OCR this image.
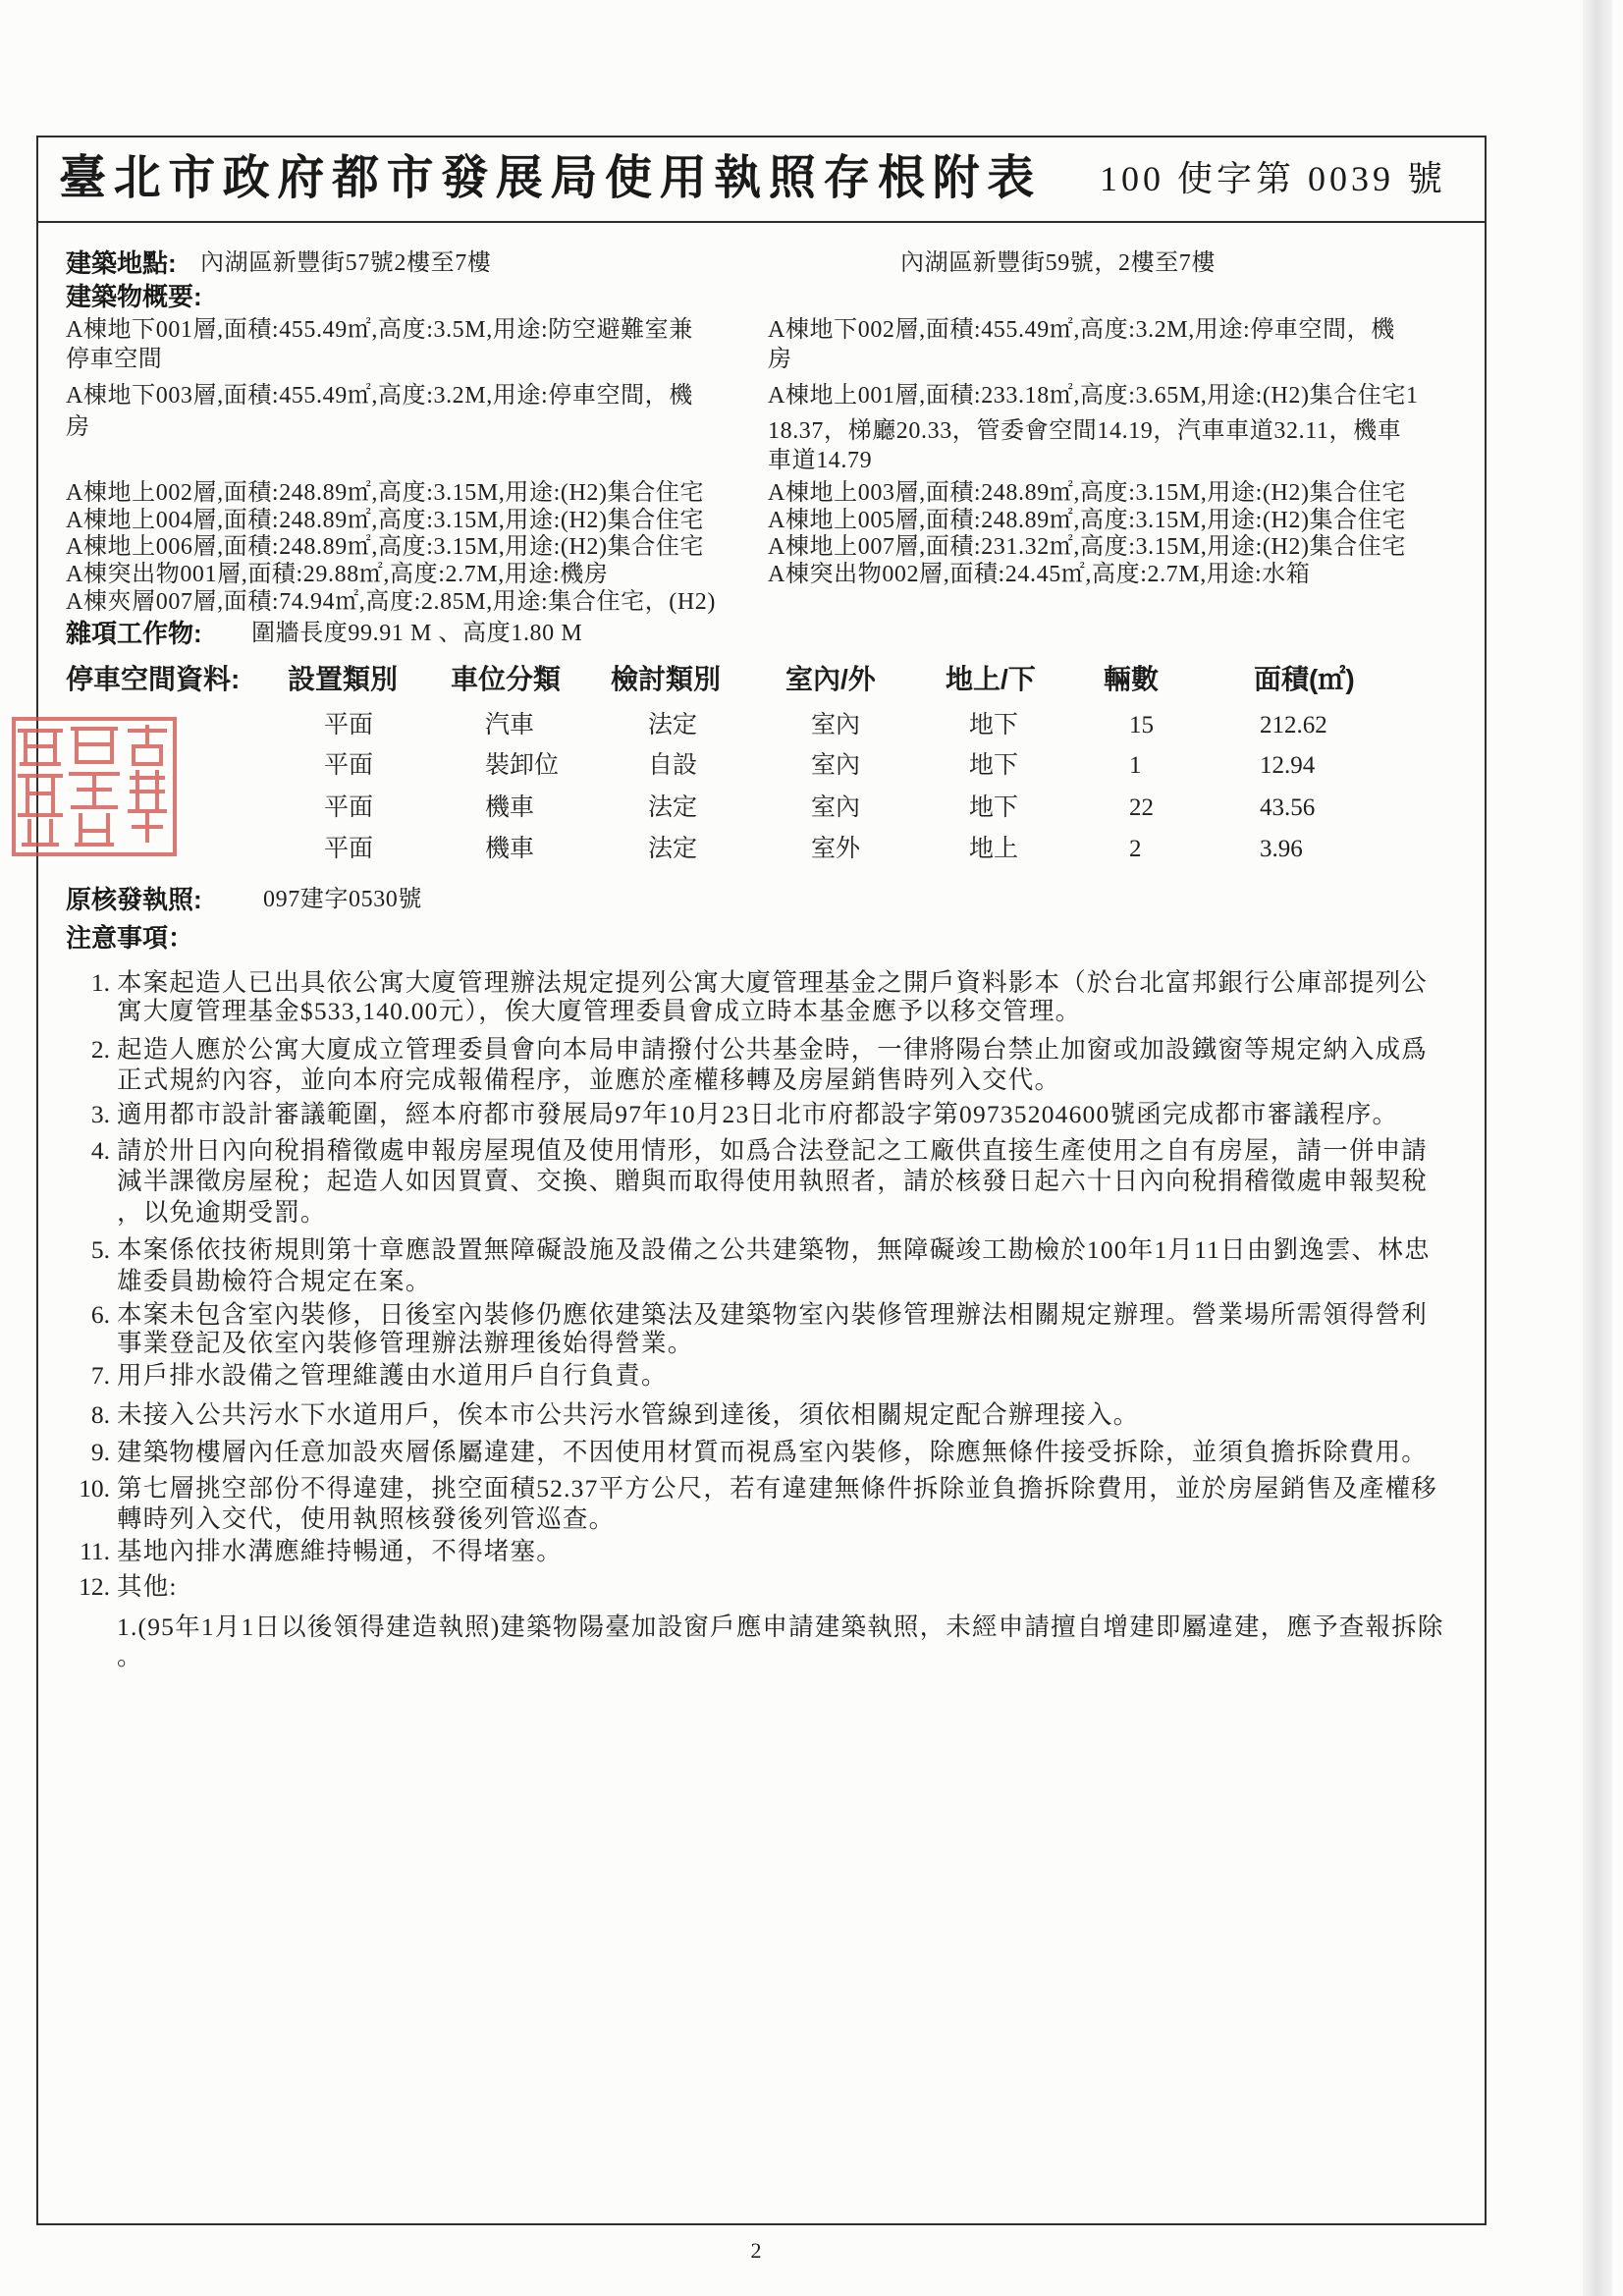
臺北市政府都市發展局使用執照存根附表 100 使字第 0039 號
建築地點: 內湖區新豐街57號2樓至7樓	內湖區新豐街59號，2樓至7樓
建築物概要:
A棟地下001層,面積:455.49㎡,高度:3.5M,用途:防空避難室兼
停車空間
A棟地下003層,面積:455.49㎡,高度:3.2M,用途:停車空間，機
房
A棟地上002層,面積:248.89㎡,高度:3.15M,用途:(H2)集合住宅
A棟地上004層,面積:248.89㎡,高度:3.15M,用途:(H2)集合住宅
A棟地上006層,面積:248.89㎡,高度:3.15M,用途:(H2)集合住宅
A棟突出物001層,面積:29.88㎡,高度:2.7M,用途:機房
A棟夾層007層,面積:74.94㎡,高度:2.85M,用途:集合住宅，(H2)
A棟地下002層,面積:455.49㎡,高度:3.2M,用途:停車空間，機
房
A棟地上001層,面積:233.18㎡,高度:3.65M,用途:(H2)集合住宅1
18.37，梯廳20.33，管委會空間14.19，汽車車道32.11，機車
車道14.79
A棟地上003層,面積:248.89㎡,高度:3.15M,用途:(H2)集合住宅
A棟地上005層,面積:248.89㎡,高度:3.15M,用途:(H2)集合住宅
A棟地上007層,面積:231.32㎡,高度:3.15M,用途:(H2)集合住宅
A棟突出物002層,面積:24.45㎡,高度:2.7M,用途:水箱
雜項工作物: 圍牆長度99.91 M 、高度1.80 M
停車空間資料: 設置類別 車位分類 檢討類別 室內/外	地上/下 輛數	面積(㎡)
平面	汽車	法定	室內	地下	15	212.62
平面	裝卸位	自設	室內	地下	1	12.94
平面	機車	法定	室內	地下	22	43.56
平面	機車	法定	室外	地上	2	3.96
原核發執照:	097建字0530號
注意事項：
1. 本案起造人已出具依公寓大廈管理辦法規定提列公寓大廈管理基金之開戶資料影本（於台北富邦銀行公庫部提列公
寓大廈管理基金$533,140.00元），俟大廈管理委員會成立時本基金應予以移交管理。
2. 起造人應於公寓大廈成立管理委員會向本局申請撥付公共基金時，一律將陽台禁止加窗或加設鐵窗等規定納入成爲
正式規約內容，並向本府完成報備程序，並應於產權移轉及房屋銷售時列入交代。
3. 適用都市設計審議範圍，經本府都市發展局97年10月23日北市府都設字第09735204600號函完成都市審議程序。
4. 請於卅日內向稅捐稽徵處申報房屋現值及使用情形，如爲合法登記之工廠供直接生產使用之自有房屋，請一併申請
減半課徵房屋稅；起造人如因買賣、交換、贈與而取得使用執照者，請於核發日起六十日內向稅捐稽徵處申報契稅
，以免逾期受罰。
5. 本案係依技術規則第十章應設置無障礙設施及設備之公共建築物，無障礙竣工勘檢於100年1月11日由劉逸雲、林忠
雄委員勘檢符合規定在案。
6. 本案未包含室內裝修，日後室內裝修仍應依建築法及建築物室內裝修管理辦法相關規定辦理。營業場所需領得營利
事業登記及依室內裝修管理辦法辦理後始得營業。
7. 用戶排水設備之管理維護由水道用戶自行負責。
8. 未接入公共污水下水道用戶，俟本市公共污水管線到達後，須依相關規定配合辦理接入。
9. 建築物樓層內任意加設夾層係屬違建，不因使用材質而視爲室內裝修，除應無條件接受拆除，並須負擔拆除費用。
10. 第七層挑空部份不得違建，挑空面積52.37平方公尺，若有違建無條件拆除並負擔拆除費用，並於房屋銷售及產權移
轉時列入交代，使用執照核發後列管巡查。
11. 基地內排水溝應維持暢通，不得堵塞。
12. 其他:
1.(95年1月1日以後領得建造執照)建築物陽臺加設窗戶應申請建築執照，未經申請擅自增建即屬違建，應予查報拆除
。
2
